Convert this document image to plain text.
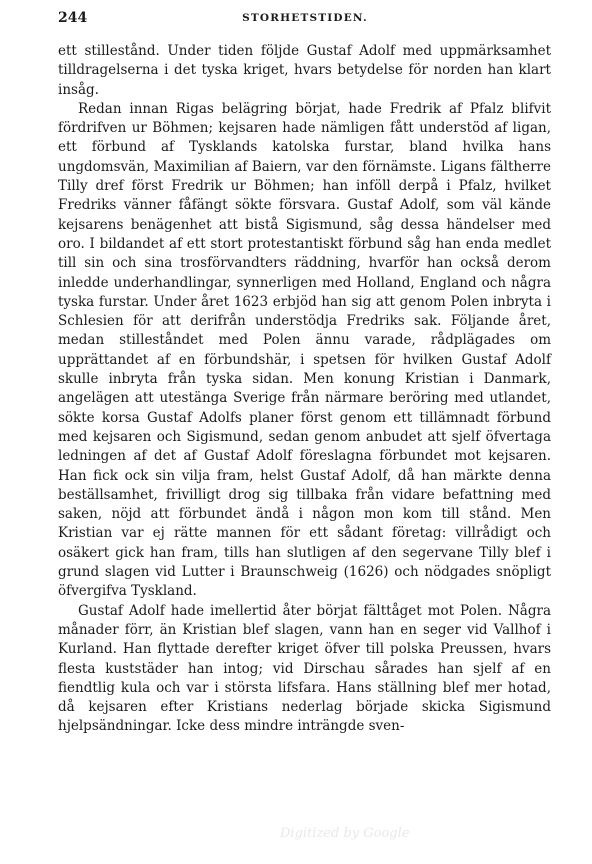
244	STORHETSTIDEN.

ett stillestånd. Under tiden följde Gustaf Adolf med uppmärksamhet tilldragelserna i det tyska kriget, hvars betydelse för norden han klart insåg.

Redan innan Rigas belägring börjat, hade Fredrik af Pfalz blifvit fördrifven ur Böhmen; kejsaren hade nämligen fått understöd af ligan, ett förbund af Tysklands katolska furstar, bland hvilka hans ungdomsvän, Maximilian af Baiern, var den förnämste. Ligans fältherre Tilly dref först Fredrik ur Böhmen; han inföll derpå i Pfalz, hvilket Fredriks vänner fåfängt sökte försvara. Gustaf Adolf, som väl kände kejsarens benägenhet att bistå Sigismund, såg dessa händelser med oro. I bildandet af ett stort protestantiskt förbund såg han enda medlet till sin och sina trosförvandters räddning, hvarför han också derom inledde underhandlingar, synnerligen med Holland, England och några tyska furstar. Under året 1623 erbjöd han sig att genom Polen inbryta i Schlesien för att derifrån understödja Fredriks sak. Följande året, medan stilleståndet med Polen ännu varade, rådplägades om upprättandet af en förbundshär, i spetsen för hvilken Gustaf Adolf skulle inbryta från tyska sidan. Men konung Kristian i Danmark, angelägen att utestänga Sverige från närmare beröring med utlandet, sökte korsa Gustaf Adolfs planer först genom ett tillämnadt förbund med kejsaren och Sigismund, sedan genom anbudet att sjelf öfvertaga ledningen af det af Gustaf Adolf föreslagna förbundet mot kejsaren. Han fick ock sin vilja fram, helst Gustaf Adolf, då han märkte denna beställsamhet, frivilligt drog sig tillbaka från vidare befattning med saken, nöjd att förbundet ändå i någon mon kom till stånd. Men Kristian var ej rätte mannen för ett sådant företag: villrådigt och osäkert gick han fram, tills han slutligen af den segervane Tilly blef i grund slagen vid Lutter i Braunschweig (1626) och nödgades snöpligt öfvergifva Tyskland.

Gustaf Adolf hade imellertid åter börjat fälttåget mot Polen. Några månader förr, än Kristian blef slagen, vann han en seger vid Vallhof i Kurland. Han flyttade derefter kriget öfver till polska Preussen, hvars flesta kuststäder han intog; vid Dirschau sårades han sjelf af en fiendtlig kula och var i största lifsfara. Hans ställning blef mer hotad, då kejsaren efter Kristians nederlag började skicka Sigismund hjelpsändningar. Icke dess mindre inträngde sven-

Digitized by Google
